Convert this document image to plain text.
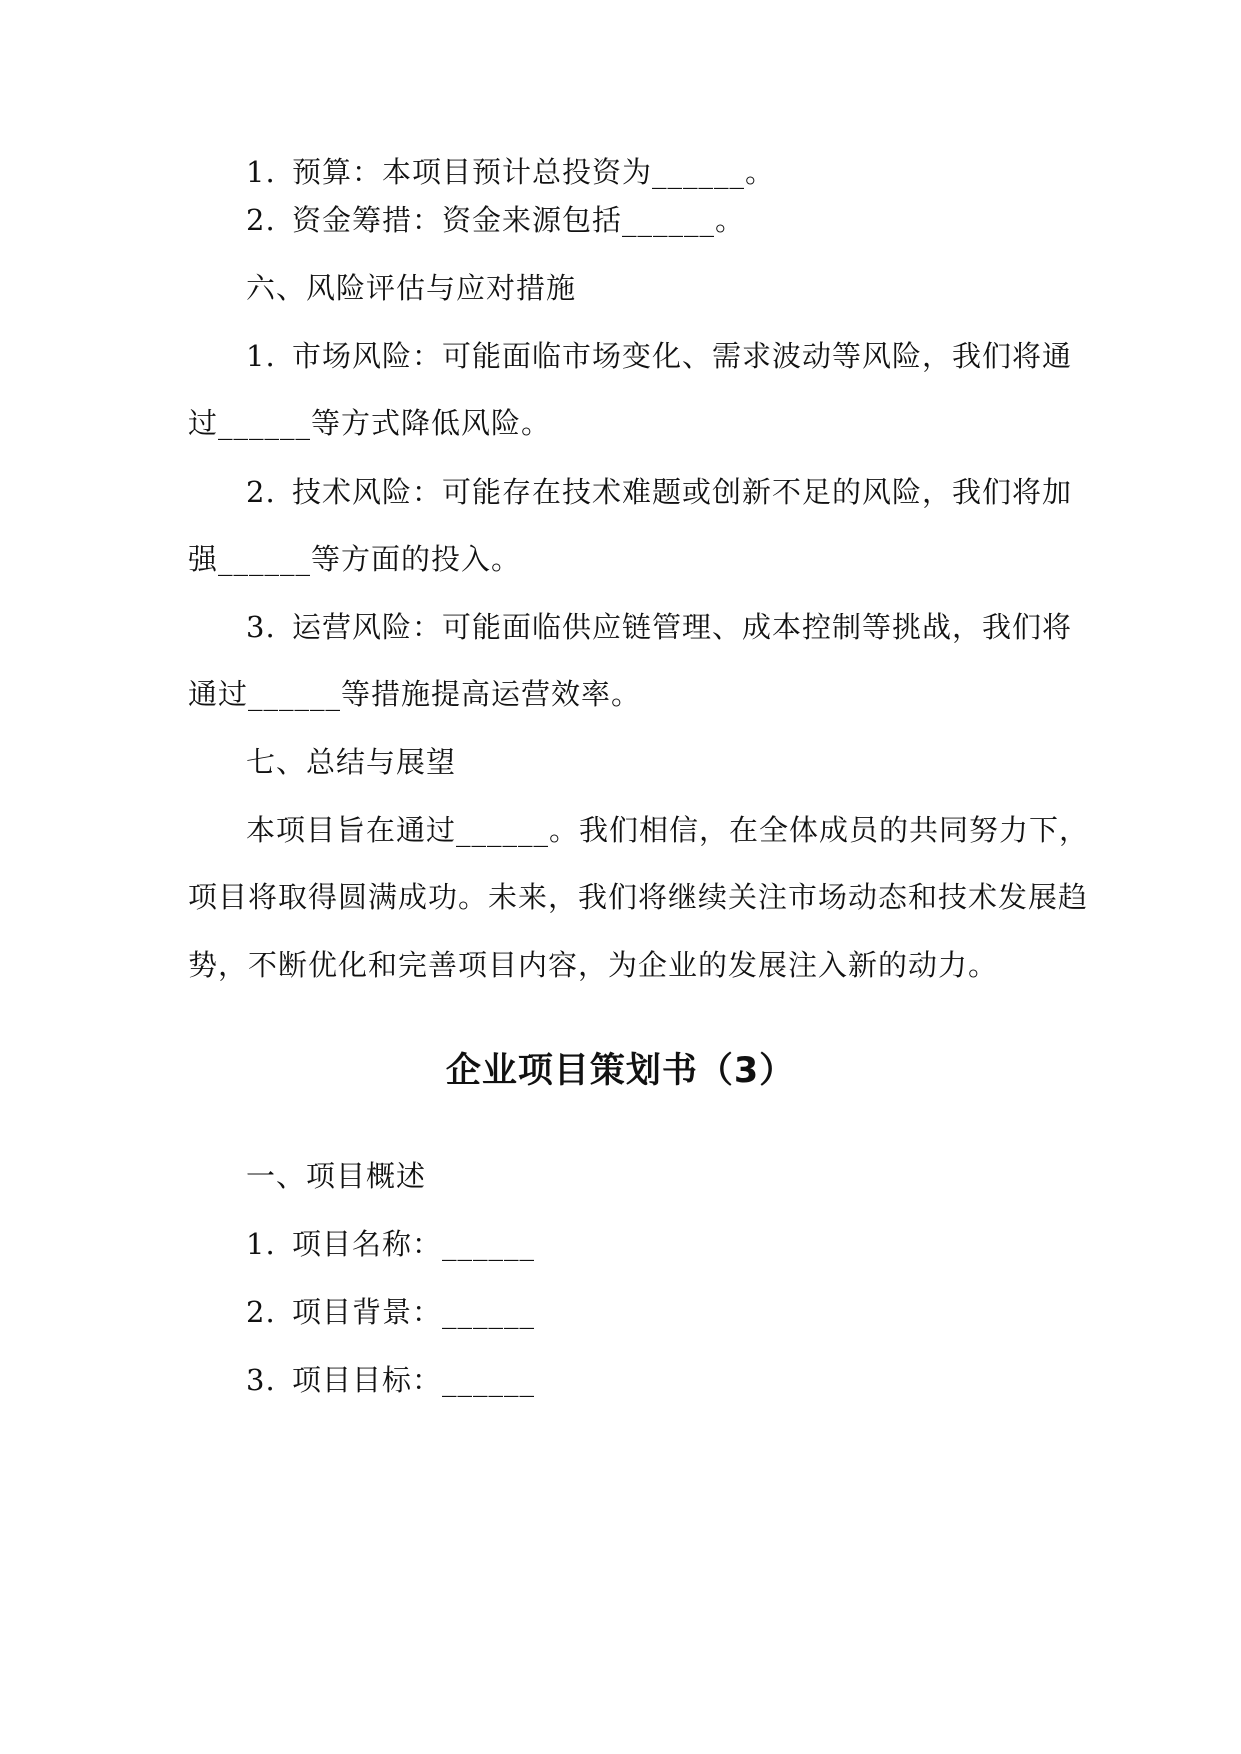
1. 预算：本项目预计总投资为______。
2. 资金筹措：资金来源包括______。
六、风险评估与应对措施
1. 市场风险：可能面临市场变化、需求波动等风险，我们将通
过______等方式降低风险。
2. 技术风险：可能存在技术难题或创新不足的风险，我们将加
强______等方面的投入。
3. 运营风险：可能面临供应链管理、成本控制等挑战，我们将
通过______等措施提高运营效率。
七、总结与展望
本项目旨在通过______。我们相信，在全体成员的共同努力下，
项目将取得圆满成功。未来，我们将继续关注市场动态和技术发展趋
势，不断优化和完善项目内容，为企业的发展注入新的动力。
企业项目策划书（3）
一、项目概述
1. 项目名称：______
2. 项目背景：______
3. 项目目标：______
